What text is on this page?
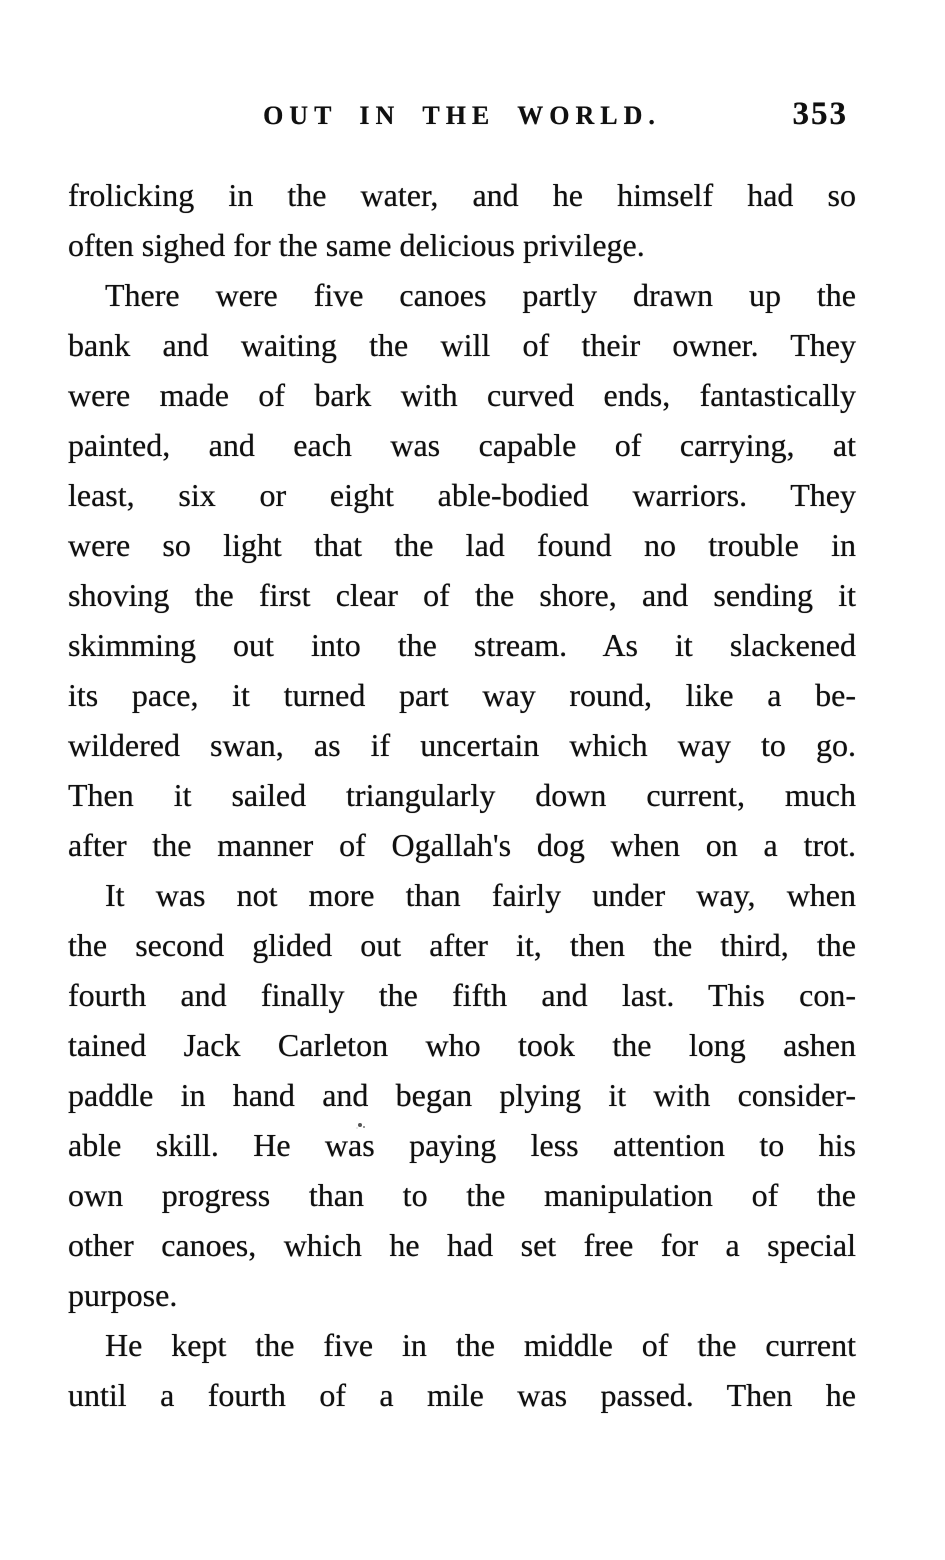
OUT IN THE WORLD.	353
frolicking in the water, and he himself had so
often sighed for the same delicious privilege.
There were five canoes partly drawn up the
bank and waiting the will of their owner. They
were made of bark with curved ends, fantastically
painted, and each was capable of carrying, at
least, six or eight able-bodied warriors. They
were so light that the lad found no trouble in
shoving the first clear of the shore, and sending it
skimming out into the stream. As it slackened
its pace, it turned part way round, like a be-
wildered swan, as if uncertain which way to go.
Then it sailed triangularly down current, much
after the manner of Ogallah's dog when on a trot.
It was not more than fairly under way, when
the second glided out after it, then the third, the
fourth and finally the fifth and last. This con-
tained Jack Carleton who took the long ashen
paddle in hand and began plying it with consider-
able skill. He was paying less attention to his
own progress than to the manipulation of the
other canoes, which he had set free for a special
purpose.
He kept the five in the middle of the current
until a fourth of a mile was passed. Then he
